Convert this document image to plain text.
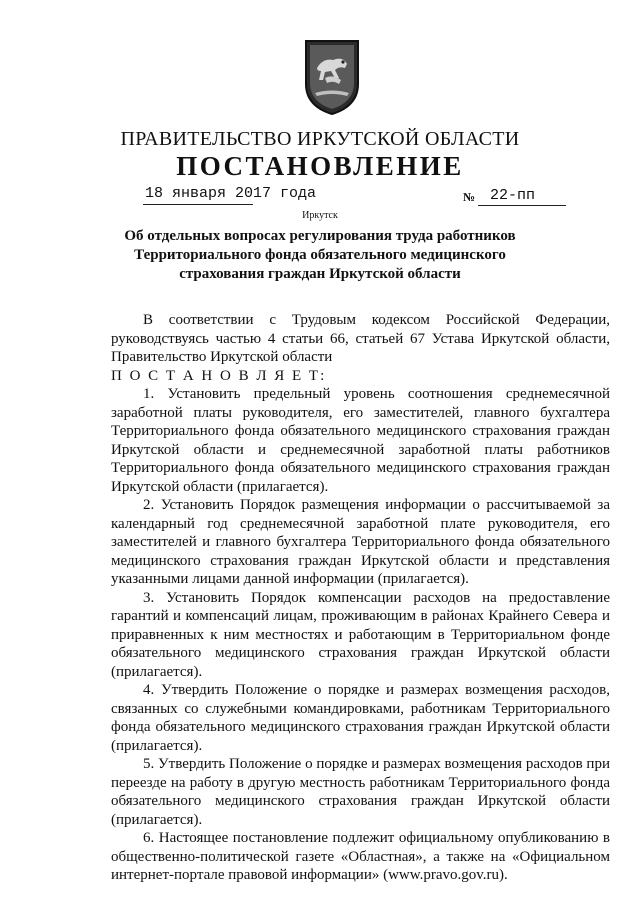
ПРАВИТЕЛЬСТВО ИРКУТСКОЙ ОБЛАСТИ
ПОСТАНОВЛЕНИЕ
18 января 2017 года	№ 22-пп
Иркутск
Об отдельных вопросах регулирования труда работников Территориального фонда обязательного медицинского страхования граждан Иркутской области

В соответствии с Трудовым кодексом Российской Федерации, руководствуясь частью 4 статьи 66, статьей 67 Устава Иркутской области, Правительство Иркутской области

П О С Т А Н О В Л Я Е Т:

1. Установить предельный уровень соотношения среднемесячной заработной платы руководителя, его заместителей, главного бухгалтера Территориального фонда обязательного медицинского страхования граждан Иркутской области и среднемесячной заработной платы работников Территориального фонда обязательного медицинского страхования граждан Иркутской области (прилагается).

2. Установить Порядок размещения информации о рассчитываемой за календарный год среднемесячной заработной плате руководителя, его заместителей и главного бухгалтера Территориального фонда обязательного медицинского страхования граждан Иркутской области и представления указанными лицами данной информации (прилагается).

3. Установить Порядок компенсации расходов на предоставление гарантий и компенсаций лицам, проживающим в районах Крайнего Севера и приравненных к ним местностях и работающим в Территориальном фонде обязательного медицинского страхования граждан Иркутской области (прилагается).

4. Утвердить Положение о порядке и размерах возмещения расходов, связанных со служебными командировками, работникам Территориального фонда обязательного медицинского страхования граждан Иркутской области (прилагается).

5. Утвердить Положение о порядке и размерах возмещения расходов при переезде на работу в другую местность работникам Территориального фонда обязательного медицинского страхования граждан Иркутской области (прилагается).

6. Настоящее постановление подлежит официальному опубликованию в общественно-политической газете «Областная», а также на «Официальном интернет-портале правовой информации» (www.pravo.gov.ru).
